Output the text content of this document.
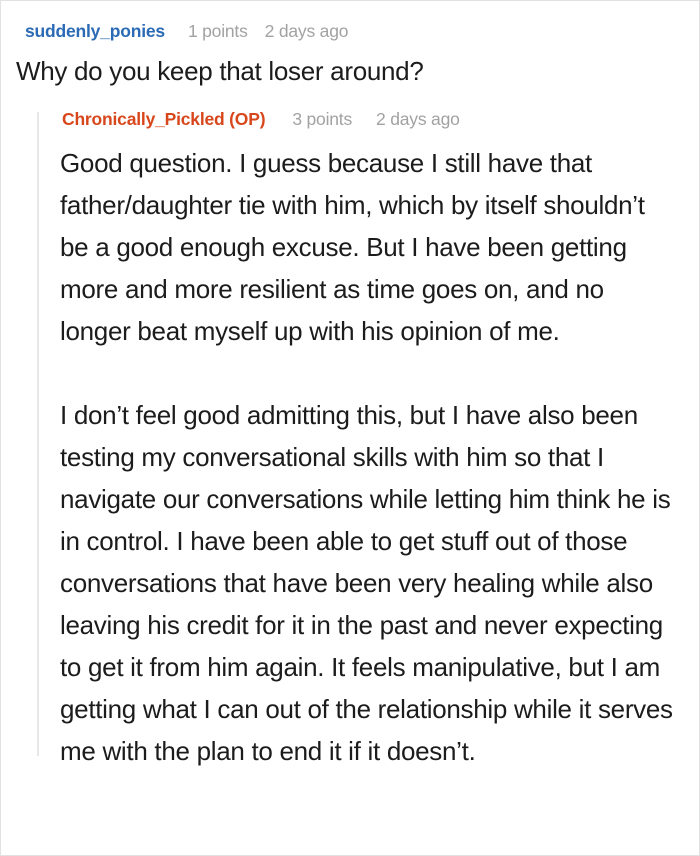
suddenly_ponies 1 points 2 days ago
Why do you keep that loser around?
Chronically_Pickled (OP) 3 points 2 days ago

Good question. I guess because I still have that father/daughter tie with him, which by itself shouldn’t be a good enough excuse. But I have been getting more and more resilient as time goes on, and no longer beat myself up with his opinion of me.

I don’t feel good admitting this, but I have also been testing my conversational skills with him so that I navigate our conversations while letting him think he is in control. I have been able to get stuff out of those conversations that have been very healing while also leaving his credit for it in the past and never expecting to get it from him again. It feels manipulative, but I am getting what I can out of the relationship while it serves me with the plan to end it if it doesn’t.
